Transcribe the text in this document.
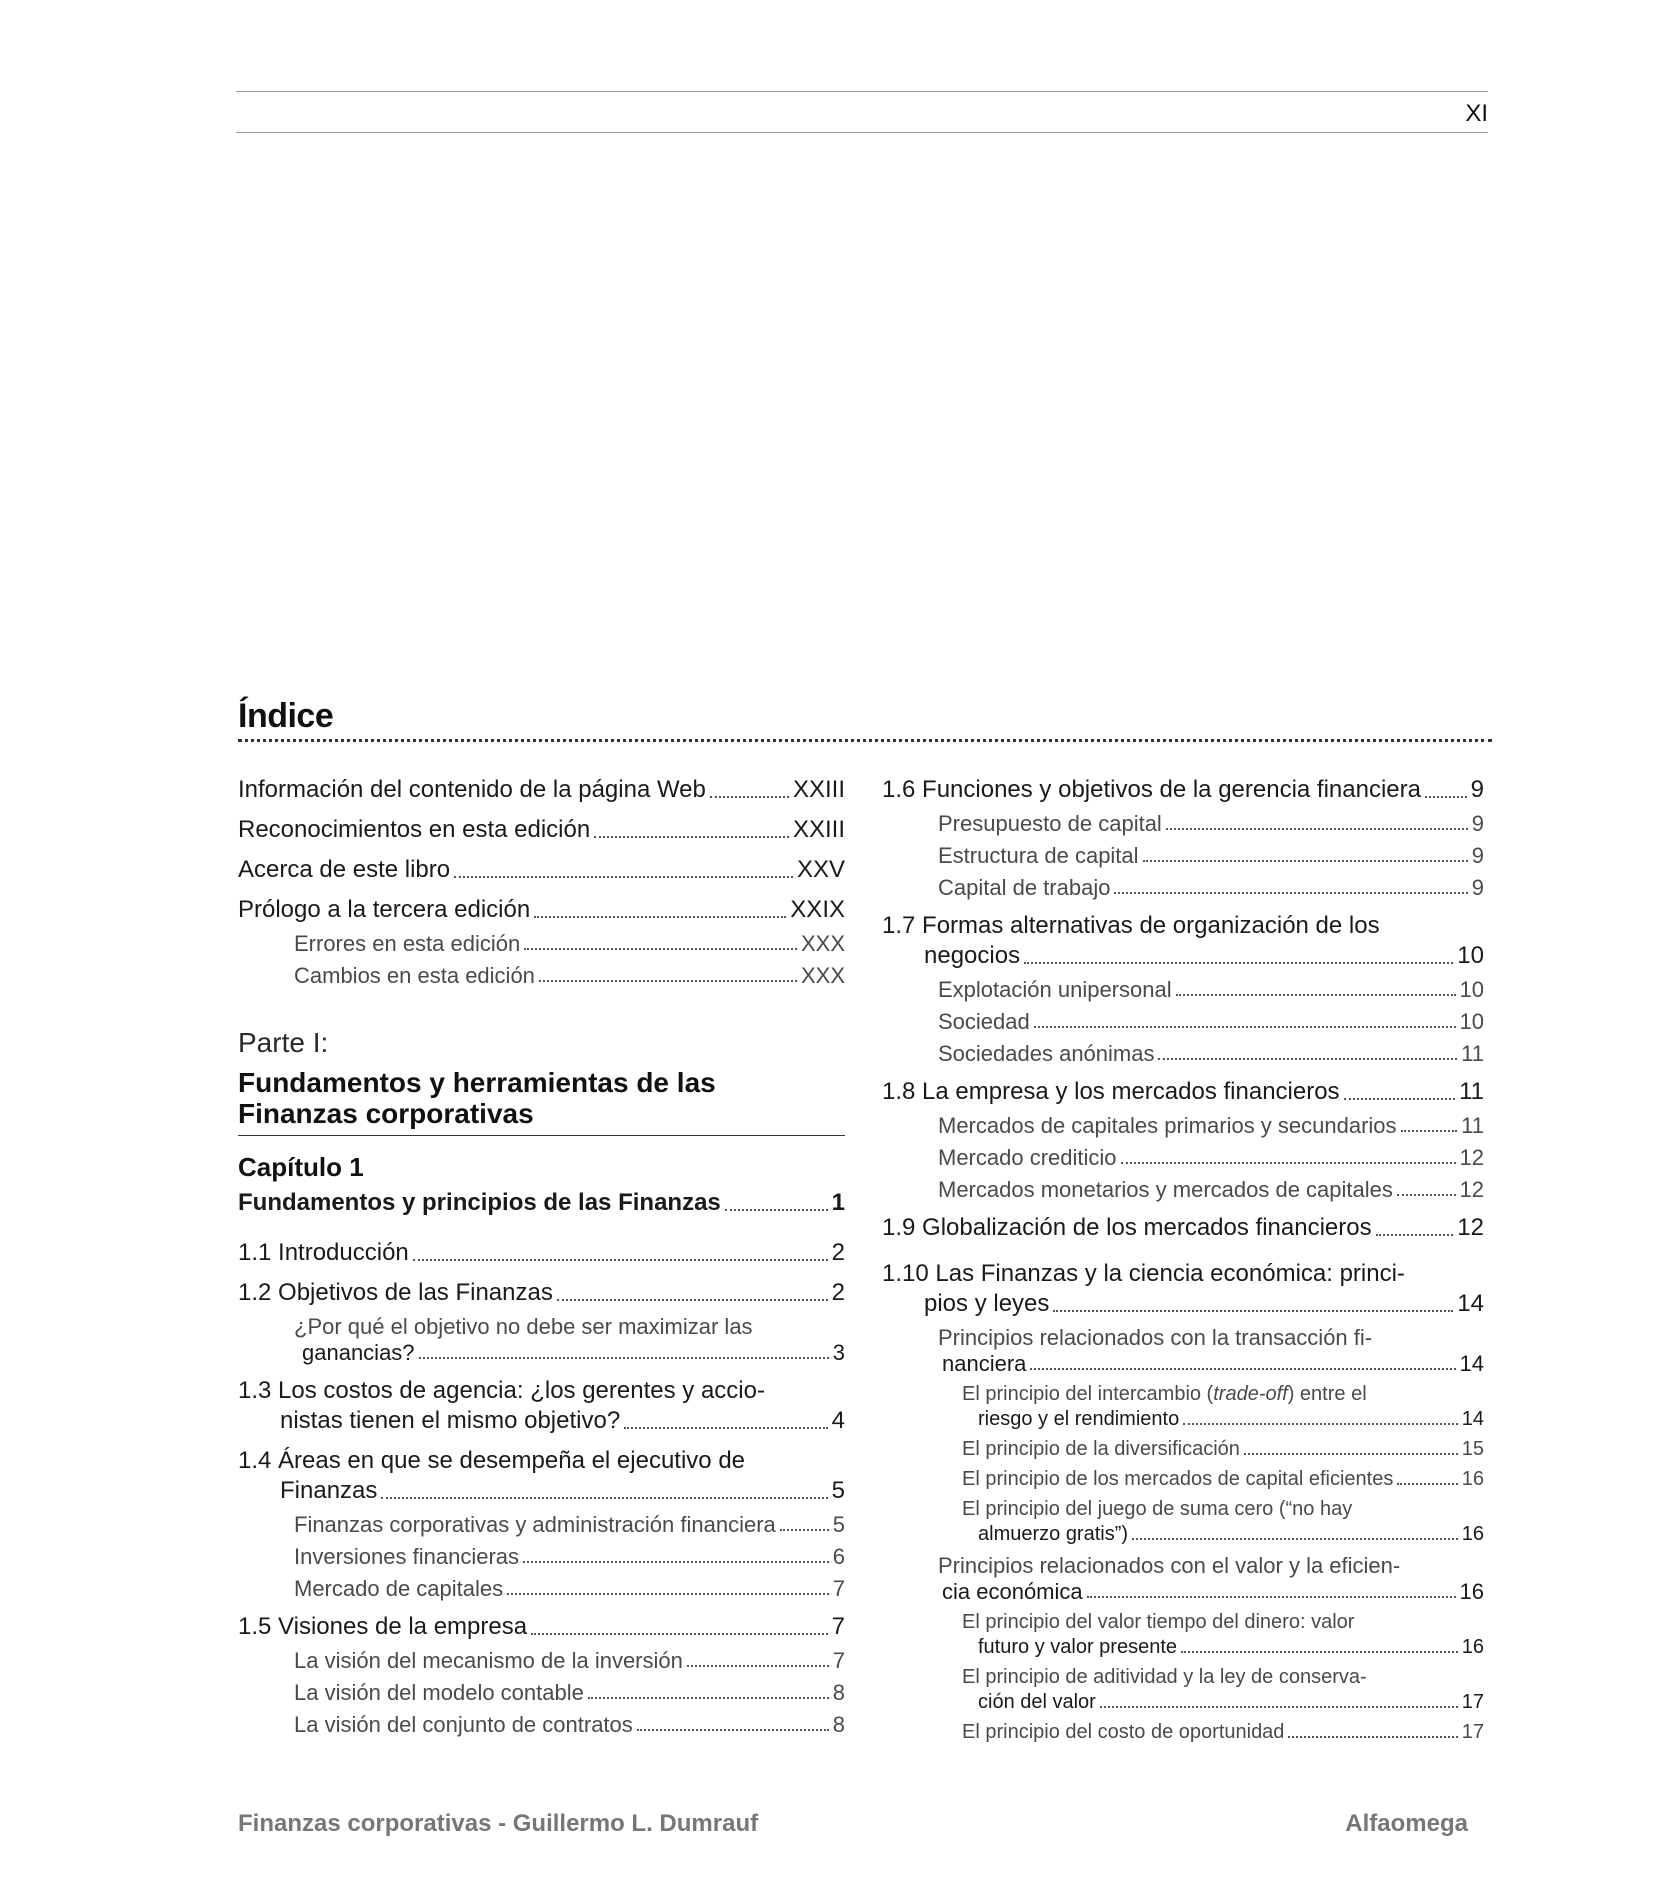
XI
Índice
Información del contenido de la página Web	XXIII
Reconocimientos en esta edición	XXIII
Acerca de este libro	XXV
Prólogo a la tercera edición	XXIX
Errores en esta edición	XXX
Cambios en esta edición	XXX
Parte I:
Fundamentos y herramientas de las
Finanzas corporativas
Capítulo 1
Fundamentos y principios de las Finanzas	1
1.1 Introducción	2
1.2 Objetivos de las Finanzas	2
¿Por qué el objetivo no debe ser maximizar las
ganancias?	3
1.3 Los costos de agencia: ¿los gerentes y accio-
nistas tienen el mismo objetivo?	4
1.4 Áreas en que se desempeña el ejecutivo de
Finanzas	5
Finanzas corporativas y administración financiera	5
Inversiones financieras	6
Mercado de capitales	7
1.5 Visiones de la empresa	7
La visión del mecanismo de la inversión	7
La visión del modelo contable	8
La visión del conjunto de contratos	8
1.6 Funciones y objetivos de la gerencia financiera 9
Presupuesto de capital	9
Estructura de capital	9
Capital de trabajo	9
1.7 Formas alternativas de organización de los
negocios	10
Explotación unipersonal	10
Sociedad	10
Sociedades anónimas	11
1.8 La empresa y los mercados financieros	11
Mercados de capitales primarios y secundarios	11
Mercado crediticio	12
Mercados monetarios y mercados de capitales	12
1.9 Globalización de los mercados financieros	12
1.10 Las Finanzas y la ciencia económica: princi-
pios y leyes	14
Principios relacionados con la transacción fi-
nanciera	14
El principio del intercambio (trade-off) entre el
riesgo y el rendimiento	14
El principio de la diversificación	15
El principio de los mercados de capital eficientes	16
El principio del juego de suma cero (“no hay
almuerzo gratis”)	16
Principios relacionados con el valor y la eficien-
cia económica	16
El principio del valor tiempo del dinero: valor
futuro y valor presente	16
El principio de aditividad y la ley de conserva-
ción del valor	17
El principio del costo de oportunidad	17
Finanzas corporativas - Guillermo L. Dumrauf	Alfaomega
